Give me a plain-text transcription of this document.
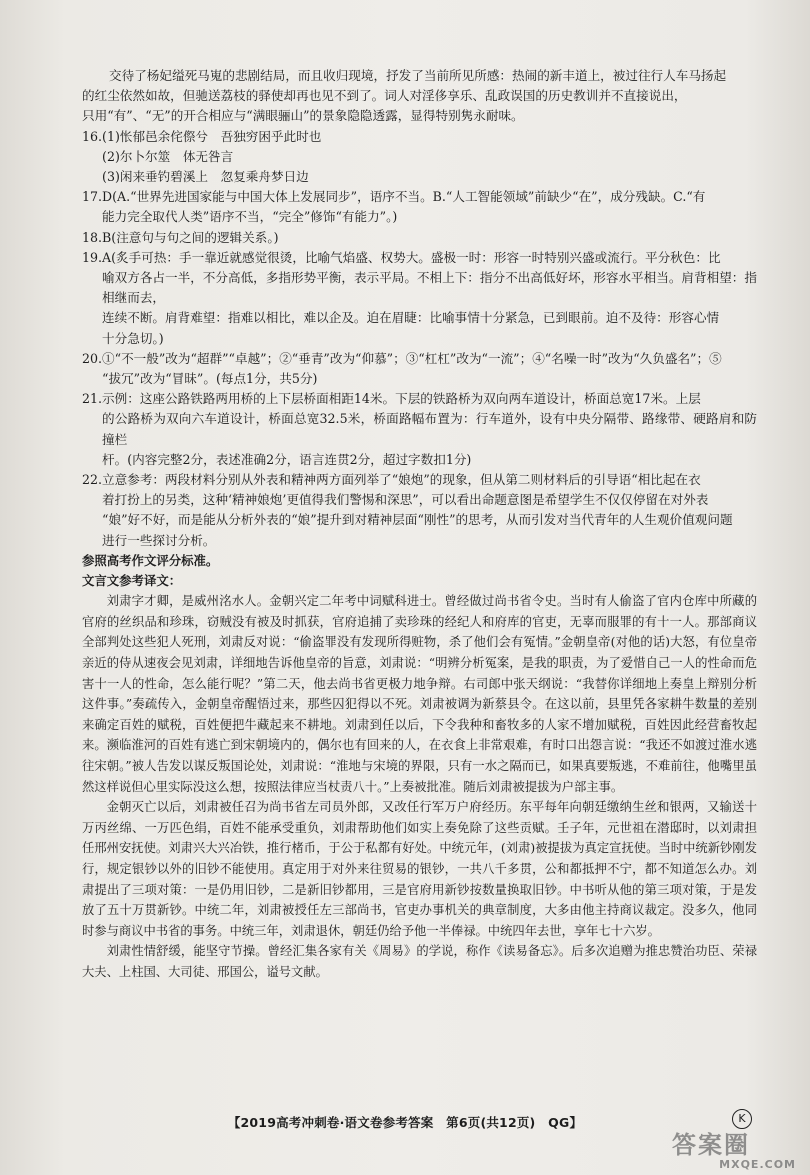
交待了杨妃缢死马嵬的悲剧结局，而且收归现境，抒发了当前所见所感：热闹的新丰道上，被过往行人车马扬起

的红尘依然如故，但驰送荔枝的驿使却再也见不到了。词人对淫侈享乐、乱政误国的历史教训并不直接说出，

只用“有”、“无”的开合相应与“满眼骊山”的景象隐隐透露，显得特别隽永耐味。

16. (1)怅郁邑余侘傺兮　吾独穷困乎此时也
(2)尔卜尔筮　体无咎言
(3)闲来垂钓碧溪上　忽复乘舟梦日边
17. D(A.“世界先进国家能与中国大体上发展同步”，语序不当。B.“人工智能领域”前缺少“在”，成分残缺。C.“有
能力完全取代人类”语序不当，“完全”修饰“有能力”。)
18. B(注意句与句之间的逻辑关系。)
19. A(炙手可热：手一靠近就感觉很烫，比喻气焰盛、权势大。盛极一时：形容一时特别兴盛或流行。平分秋色：比
喻双方各占一半，不分高低，多指形势平衡，表示平局。不相上下：指分不出高低好坏，形容水平相当。肩背相望：指相继而去，
连续不断。肩背难望：指难以相比，难以企及。迫在眉睫：比喻事情十分紧急，已到眼前。迫不及待：形容心情
十分急切。)
20. ①“不一般”改为“超群”“卓越”；②“垂青”改为“仰慕”；③“杠杠”改为“一流”；④“名噪一时”改为“久负盛名”；⑤
“拔冗”改为“冒昧”。(每点1分，共5分)
21. 示例：这座公路铁路两用桥的上下层桥面相距14米。下层的铁路桥为双向两车道设计，桥面总宽17米。上层
的公路桥为双向六车道设计，桥面总宽32.5米，桥面路幅布置为：行车道外，设有中央分隔带、路缘带、硬路肩和防撞栏
杆。(内容完整2分，表述准确2分，语言连贯2分，超过字数扣1分)
22. 立意参考：两段材料分别从外表和精神两方面列举了“娘炮”的现象，但从第二则材料后的引导语“相比起在衣
着打扮上的另类，这种‘精神娘炮’更值得我们警惕和深思”，可以看出命题意图是希望学生不仅仅停留在对外表
“娘”好不好，而是能从分析外表的“娘”提升到对精神层面“刚性”的思考，从而引发对当代青年的人生观价值观问题
进行一些探讨分析。

参照高考作文评分标准。

文言文参考译文：

刘肃字才卿，是威州洺水人。金朝兴定二年考中词赋科进士。曾经做过尚书省令史。当时有人偷盗了官内仓库中所藏的官府的丝织品和珍珠，窃贼没有被及时抓获，官府追捕了卖珍珠的经纪人和府库的官吏，无辜而服罪的有十一人。那部商议全部判处这些犯人死刑，刘肃反对说：“偷盗罪没有发现所得赃物，杀了他们会有冤情。”金朝皇帝(对他的话)大怒，有位皇帝亲近的侍从速夜会见刘肃，详细地告诉他皇帝的旨意，刘肃说：“明辨分析冤案，是我的职责，为了爱惜自己一人的性命而危害十一人的性命，怎么能行呢？”第二天，他去尚书省更极力地争辩。右司郎中张天纲说：“我替你详细地上奏皇上辩别分析这件事。”奏疏传入，金朝皇帝醒悟过来，那些囚犯得以不死。刘肃被调为新蔡县令。在这以前，县里凭各家耕牛数量的差别来确定百姓的赋税，百姓便把牛藏起来不耕地。刘肃到任以后，下令我种和畜牧多的人家不增加赋税，百姓因此经营畜牧起来。濒临淮河的百姓有逃亡到宋朝境内的，偶尔也有回来的人，在衣食上非常艰难，有时口出怨言说：“我还不如渡过淮水逃往宋朝。”被人告发以谋反叛国论处，刘肃说：“淮地与宋境的界限，只有一水之隔而已，如果真要叛逃，不难前往，他嘴里虽然这样说但心里实际没这么想，按照法律应当杖责八十。”上奏被批准。随后刘肃被提拔为户部主事。

金朝灭亡以后，刘肃被任召为尚书省左司员外郎，又改任行军万户府经历。东平每年向朝廷缴纳生丝和银两，又输送十万丙丝绵、一万匹色绢，百姓不能承受重负，刘肃帮助他们如实上奏免除了这些贡赋。壬子年，元世祖在潜邸时，以刘肃担任邢州安抚使。刘肃兴大兴冶铁，推行楮币，于公于私都有好处。中统元年，(刘肃)被提拔为真定宣抚使。当时中统新钞刚发行，规定银钞以外的旧钞不能使用。真定用于对外来往贸易的银钞，一共八千多贯，公和都抵押不宁，都不知道怎么办。刘肃提出了三项对策：一是仍用旧钞，二是新旧钞都用，三是官府用新钞按数量换取旧钞。中书听从他的第三项对策，于是发放了五十万贯新钞。中统二年，刘肃被授任左三部尚书，官吏办事机关的典章制度，大多由他主持商议裁定。没多久，他同时参与商议中书省的事务。中统三年，刘肃退休，朝廷仍给予他一半俸禄。中统四年去世，享年七十六岁。

刘肃性情舒缓，能坚守节操。曾经汇集各家有关《周易》的学说，称作《读易备忘》。后多次追赠为推忠赞治功臣、荣禄大夫、上柱国、大司徒、邢国公，谥号文献。

【2019高考冲刺卷·语文卷参考答案　第6页(共12页)　QG】	K
答案圈
MXQE.COM
